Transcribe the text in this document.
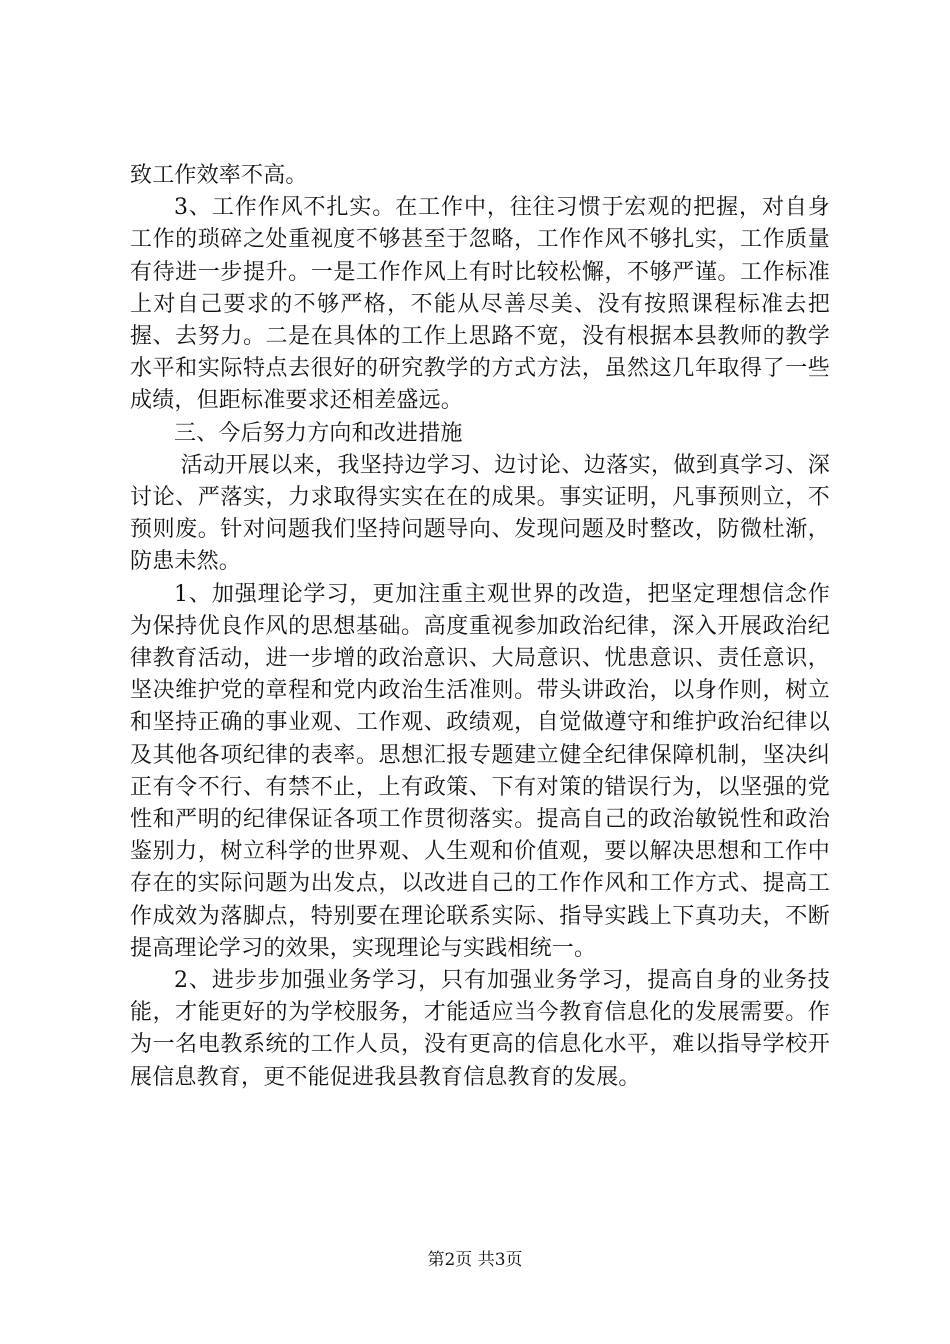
致工作效率不高。

3、工作作风不扎实。在工作中，往往习惯于宏观的把握，对自身工作的琐碎之处重视度不够甚至于忽略，工作作风不够扎实，工作质量有待进一步提升。一是工作作风上有时比较松懈，不够严谨。工作标准上对自己要求的不够严格，不能从尽善尽美、没有按照课程标准去把握、去努力。二是在具体的工作上思路不宽，没有根据本县教师的教学水平和实际特点去很好的研究教学的方式方法，虽然这几年取得了一些成绩，但距标准要求还相差盛远。

三、今后努力方向和改进措施

活动开展以来，我坚持边学习、边讨论、边落实，做到真学习、深讨论、严落实，力求取得实实在在的成果。事实证明，凡事预则立，不预则废。针对问题我们坚持问题导向、发现问题及时整改，防微杜渐，防患未然。

1、加强理论学习，更加注重主观世界的改造，把坚定理想信念作为保持优良作风的思想基础。高度重视参加政治纪律，深入开展政治纪律教育活动，进一步增的政治意识、大局意识、忧患意识、责任意识，坚决维护党的章程和党内政治生活准则。带头讲政治，以身作则，树立和坚持正确的事业观、工作观、政绩观，自觉做遵守和维护政治纪律以及其他各项纪律的表率。思想汇报专题建立健全纪律保障机制，坚决纠正有令不行、有禁不止，上有政策、下有对策的错误行为，以坚强的党性和严明的纪律保证各项工作贯彻落实。提高自己的政治敏锐性和政治鉴别力，树立科学的世界观、人生观和价值观，要以解决思想和工作中存在的实际问题为出发点，以改进自己的工作作风和工作方式、提高工作成效为落脚点，特别要在理论联系实际、指导实践上下真功夫，不断提高理论学习的效果，实现理论与实践相统一。

2、进步步加强业务学习，只有加强业务学习，提高自身的业务技能，才能更好的为学校服务，才能适应当今教育信息化的发展需要。作为一名电教系统的工作人员，没有更高的信息化水平，难以指导学校开展信息教育，更不能促进我县教育信息教育的发展。

第2页 共3页
